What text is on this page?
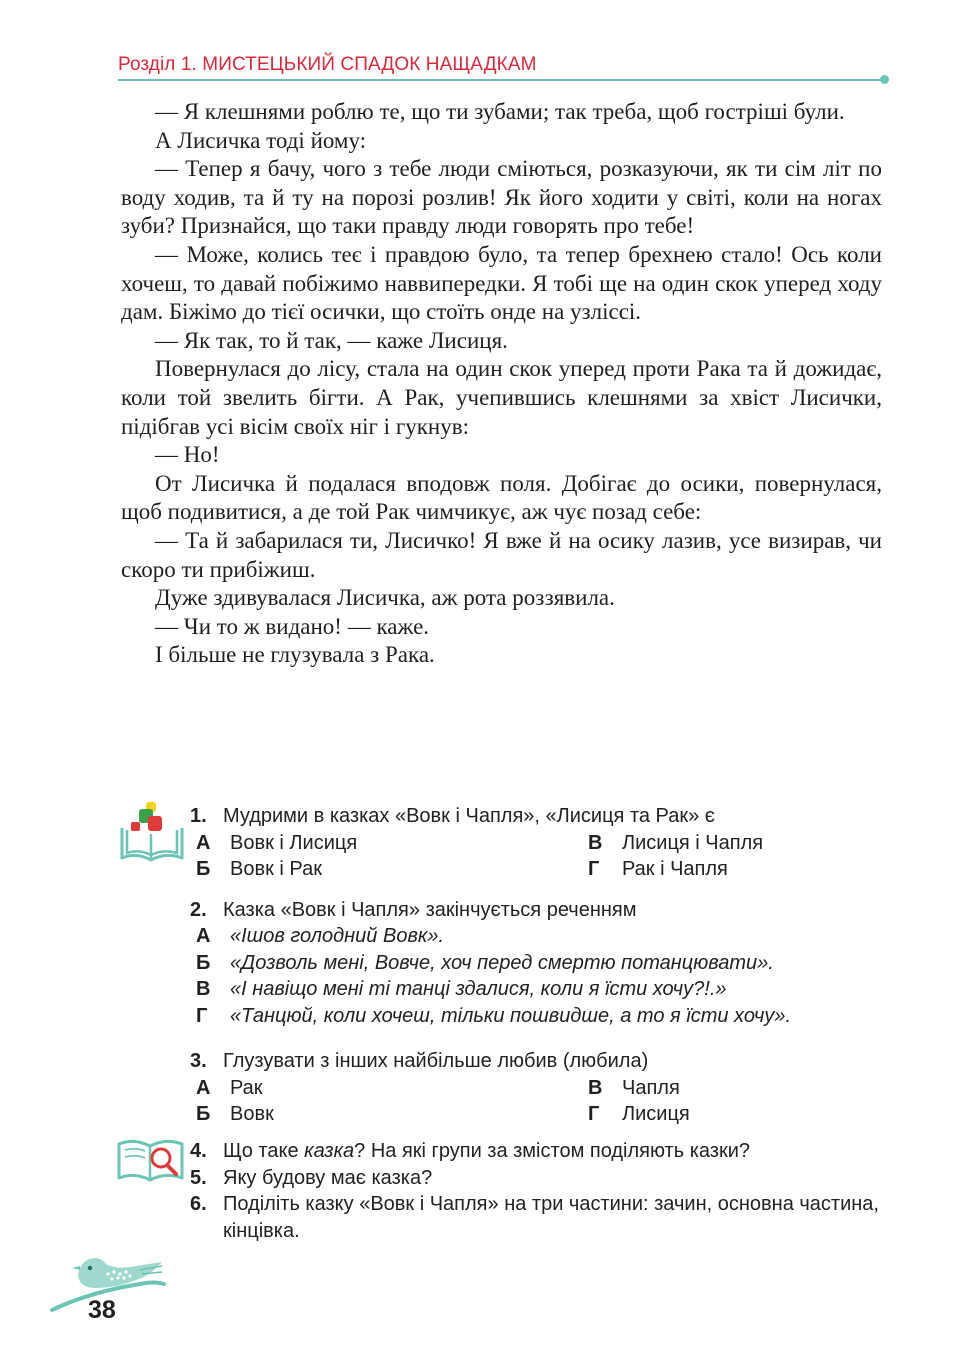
Розділ 1. МИСТЕЦЬКИЙ СПАДОК НАЩАДКАМ

— Я клешнями роблю те, що ти зубами; так треба, щоб гостріші були.

А Лисичка тоді йому:

— Тепер я бачу, чого з тебе люди сміються, розказуючи, як ти сім літ по воду ходив, та й ту на порозі розлив! Як його ходити у світі, коли на ногах зуби? Признайся, що таки правду люди говорять про тебе!

— Може, колись теє і правдою було, та тепер брехнею стало! Ось коли хочеш, то давай побіжимо наввипередки. Я тобі ще на один скок уперед ходу дам. Біжімо до тієї осички, що стоїть онде на узліссі.

— Як так, то й так, — каже Лисиця.

Повернулася до лісу, стала на один скок уперед проти Рака та й дожидає, коли той звелить бігти. А Рак, учепившись клешнями за хвіст Лисички, підібгав усі вісім своїх ніг і гукнув:

— Но!

От Лисичка й подалася вподовж поля. Добігає до осики, повернулася, щоб подивитися, а де той Рак чимчикує, аж чує позад себе:

— Та й забарилася ти, Лисичко! Я вже й на осику лазив, усе визирав, чи скоро ти прибіжиш.

Дуже здивувалася Лисичка, аж рота роззявила.

— Чи то ж видано! — каже.

І більше не глузувала з Рака.

1. Мудрими в казках «Вовк і Чапля», «Лисиця та Рак» є
А Вовк і Лисиця	В Лисиця і Чапля
Б Вовк і Рак	Г Рак і Чапля
2. Казка «Вовк і Чапля» закінчується реченням
А «Ішов голодний Вовк».
Б «Дозволь мені, Вовче, хоч перед смертю потанцювати».
В «І навіщо мені ті танці здалися, коли я їсти хочу?!.»
Г «Танцюй, коли хочеш, тільки пошвидше, а то я їсти хочу».
3. Глузувати з інших найбільше любив (любила)
А Рак	В Чапля
Б Вовк	Г Лисиця
4. Що таке казка? На які групи за змістом поділяють казки?
5. Яку будову має казка?
6. Поділіть казку «Вовк і Чапля» на три частини: зачин, основна частина, кінцівка.
38
